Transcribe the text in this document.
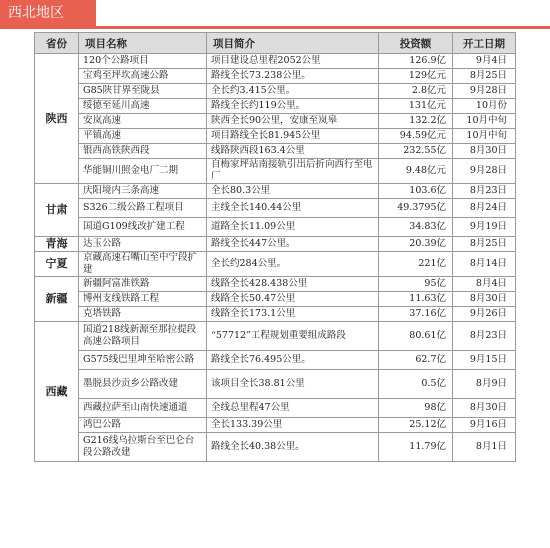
西北地区
省份	项目名称	项目简介	投资额	开工日期
陕西	120个公路项目	项目建设总里程2052公里	126.9亿	9月4日
	宝鸡至坪坎高速公路	路线全长73.238公里。	129亿元	8月25日
	G85陕甘界至陇县	全长约3.415公里。	2.8亿元	9月28日
	绥德至延川高速	路线全长约119公里。	131亿元	10月份
	安岚高速	陕西全长90公里，安康至岚皋	132.2亿	10月中旬
	平镇高速	项目路线全长81.945公里	94.59亿元	10月中旬
	银西高铁陕西段	线路陕西段163.4公里	232.55亿	8月30日
	华能铜川照金电厂二期	自梅家坪站南接轨引出后折向西行至电厂	9.48亿元	9月28日
甘肃	庆阳境内三条高速	全长80.3公里	103.6亿	8月23日
	S326二级公路工程项目	主线全长140.44公里	49.3795亿	8月24日
	国道G109线改扩建工程	道路全长11.09公里	34.83亿	9月19日
青海	达玉公路	路线全长447公里。	20.39亿	8月25日
宁夏	京藏高速石嘴山至中宁段扩建	全长约284公里。	221亿	8月14日
新疆	新疆阿富准铁路	线路全长428.438公里	95亿	8月4日
	博州支线铁路工程	线路全长50.47公里	11.63亿	8月30日
	克塔铁路	线路全长173.1公里	37.16亿	9月26日
西藏	国道218线新源至那拉提段高速公路项目	“57712”工程规划重要组成路段	80.61亿	8月23日
	G575线巴里坤至哈密公路	路线全长76.495公里。	62.7亿	9月15日
	墨脱县沙贡乡公路改建	该项目全长38.81公里	0.5亿	8月9日
	西藏拉萨至山南快速通道	全线总里程47公里	98亿	8月30日
	鸿巴公路	全长133.39公里	25.12亿	9月16日
	G216线乌拉斯台至巴仑台段公路改建	路线全长40.38公里。	11.79亿	8月1日
